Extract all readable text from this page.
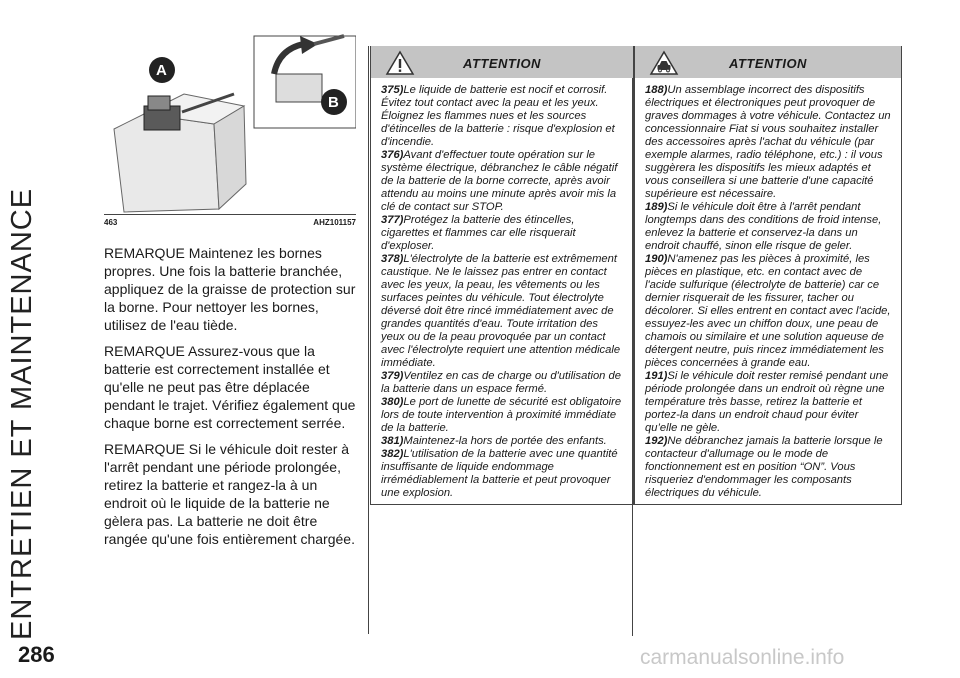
ENTRETIEN ET MAINTENANCE
A
B
463	AHZ101157

REMARQUE Maintenez les bornes propres. Une fois la batterie branchée, appliquez de la graisse de protection sur la borne. Pour nettoyer les bornes, utilisez de l'eau tiède.

REMARQUE Assurez-vous que la batterie est correctement installée et qu'elle ne peut pas être déplacée pendant le trajet. Vérifiez également que chaque borne est correctement serrée.

REMARQUE Si le véhicule doit rester à l'arrêt pendant une période prolongée, retirez la batterie et rangez-la à un endroit où le liquide de la batterie ne gèlera pas. La batterie ne doit être rangée qu'une fois entièrement chargée.

ATTENTION
375)Le liquide de batterie est nocif et corrosif. Évitez tout contact avec la peau et les yeux. Éloignez les flammes nues et les sources d'étincelles de la batterie : risque d'explosion et d'incendie.
376)Avant d'effectuer toute opération sur le système électrique, débranchez le câble négatif de la batterie de la borne correcte, après avoir attendu au moins une minute après avoir mis la clé de contact sur STOP.
377)Protégez la batterie des étincelles, cigarettes et flammes car elle risquerait d'exploser.
378)L'électrolyte de la batterie est extrêmement caustique. Ne le laissez pas entrer en contact avec les yeux, la peau, les vêtements ou les surfaces peintes du véhicule. Tout électrolyte déversé doit être rincé immédiatement avec de grandes quantités d'eau. Toute irritation des yeux ou de la peau provoquée par un contact avec l'électrolyte requiert une attention médicale immédiate.
379)Ventilez en cas de charge ou d'utilisation de la batterie dans un espace fermé.
380)Le port de lunette de sécurité est obligatoire lors de toute intervention à proximité immédiate de la batterie.
381)Maintenez-la hors de portée des enfants.
382)L'utilisation de la batterie avec une quantité insuffisante de liquide endommage irrémédiablement la batterie et peut provoquer une explosion.
ATTENTION
188)Un assemblage incorrect des dispositifs électriques et électroniques peut provoquer de graves dommages à votre véhicule. Contactez un concessionnaire Fiat si vous souhaitez installer des accessoires après l'achat du véhicule (par exemple alarmes, radio téléphone, etc.) : il vous suggèrera les dispositifs les mieux adaptés et vous conseillera si une batterie d'une capacité supérieure est nécessaire.
189)Si le véhicule doit être à l'arrêt pendant longtemps dans des conditions de froid intense, enlevez la batterie et conservez-la dans un endroit chauffé, sinon elle risque de geler.
190)N'amenez pas les pièces à proximité, les pièces en plastique, etc. en contact avec de l'acide sulfurique (électrolyte de batterie) car ce dernier risquerait de les fissurer, tacher ou décolorer. Si elles entrent en contact avec l'acide, essuyez-les avec un chiffon doux, une peau de chamois ou similaire et une solution aqueuse de détergent neutre, puis rincez immédiatement les pièces concernées à grande eau.
191)Si le véhicule doit rester remisé pendant une période prolongée dans un endroit où règne une température très basse, retirez la batterie et portez-la dans un endroit chaud pour éviter qu’elle ne gèle.
192)Ne débranchez jamais la batterie lorsque le contacteur d'allumage ou le mode de fonctionnement est en position “ON”. Vous risqueriez d'endommager les composants électriques du véhicule.
286	carmanualsonline.info
